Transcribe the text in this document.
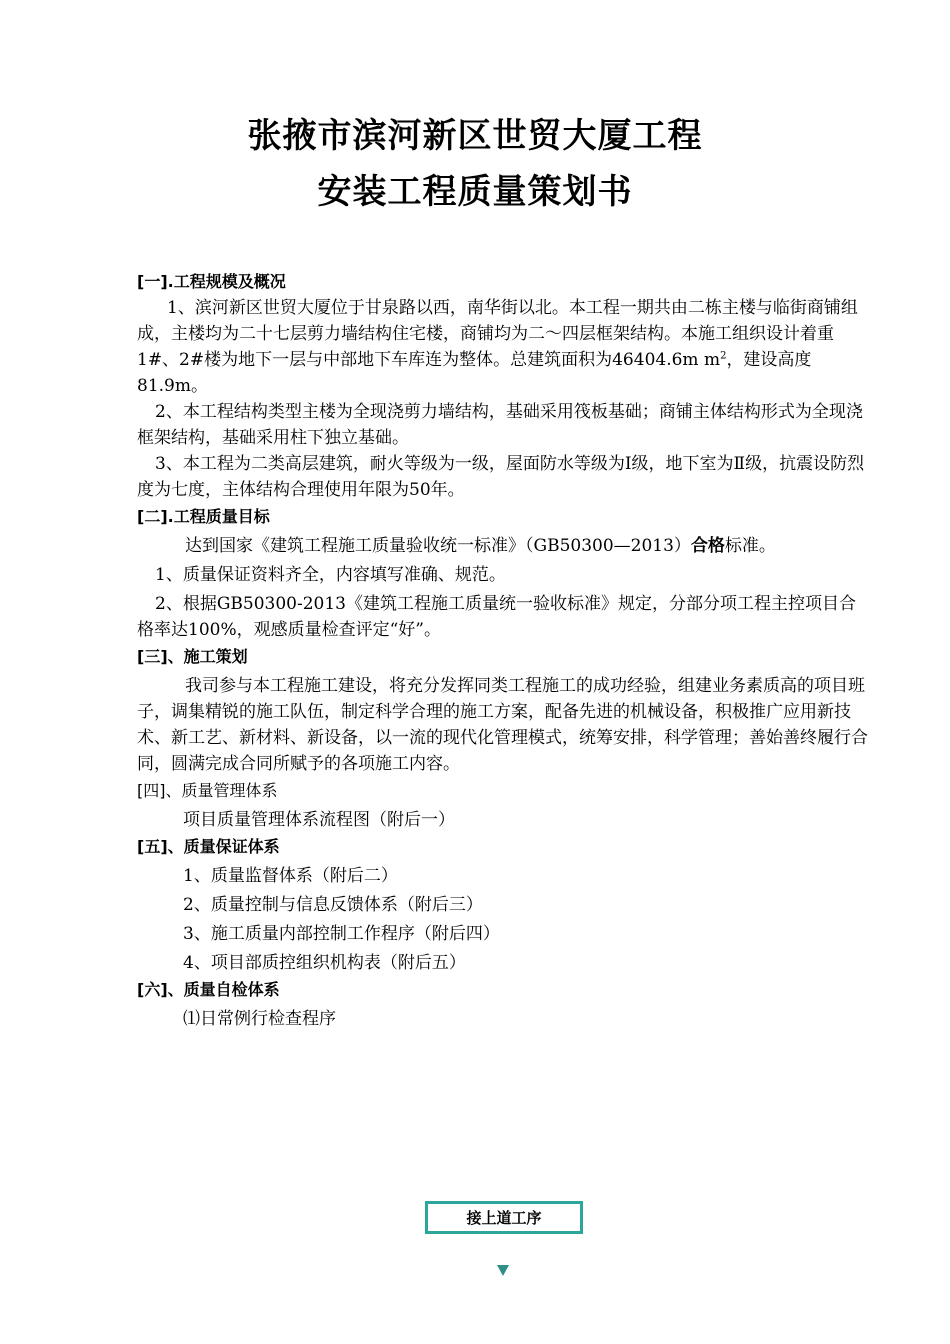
张掖市滨河新区世贸大厦工程
安装工程质量策划书

[一].工程规模及概况

1、滨河新区世贸大厦位于甘泉路以西，南华街以北。本工程一期共由二栋主楼与临街商铺组成，主楼均为二十七层剪力墙结构住宅楼，商铺均为二～四层框架结构。本施工组织设计着重1#、2#楼为地下一层与中部地下车库连为整体。总建筑面积为46404.6m $m^2$，建设高度81.9m。

2、本工程结构类型主楼为全现浇剪力墙结构，基础采用筏板基础；商铺主体结构形式为全现浇框架结构，基础采用柱下独立基础。

3、本工程为二类高层建筑，耐火等级为一级，屋面防水等级为Ⅰ级，地下室为Ⅱ级，抗震设防烈度为七度，主体结构合理使用年限为50年。

[二].工程质量目标

达到国家《建筑工程施工质量验收统一标准》（GB50300—2013）合格标准。

1、质量保证资料齐全，内容填写准确、规范。

2、根据GB50300-2013《建筑工程施工质量统一验收标准》规定，分部分项工程主控项目合格率达100%，观感质量检查评定“好”。

[三]、施工策划

我司参与本工程施工建设，将充分发挥同类工程施工的成功经验，组建业务素质高的项目班子，调集精锐的施工队伍，制定科学合理的施工方案，配备先进的机械设备，积极推广应用新技术、新工艺、新材料、新设备，以一流的现代化管理模式，统筹安排，科学管理；善始善终履行合同，圆满完成合同所赋予的各项施工内容。

[四]、质量管理体系

项目质量管理体系流程图（附后一）

[五]、质量保证体系

1、质量监督体系（附后二）

2、质量控制与信息反馈体系（附后三）

3、施工质量内部控制工作程序（附后四）

4、项目部质控组织机构表（附后五）

[六]、质量自检体系

⑴日常例行检查程序

接上道工序
